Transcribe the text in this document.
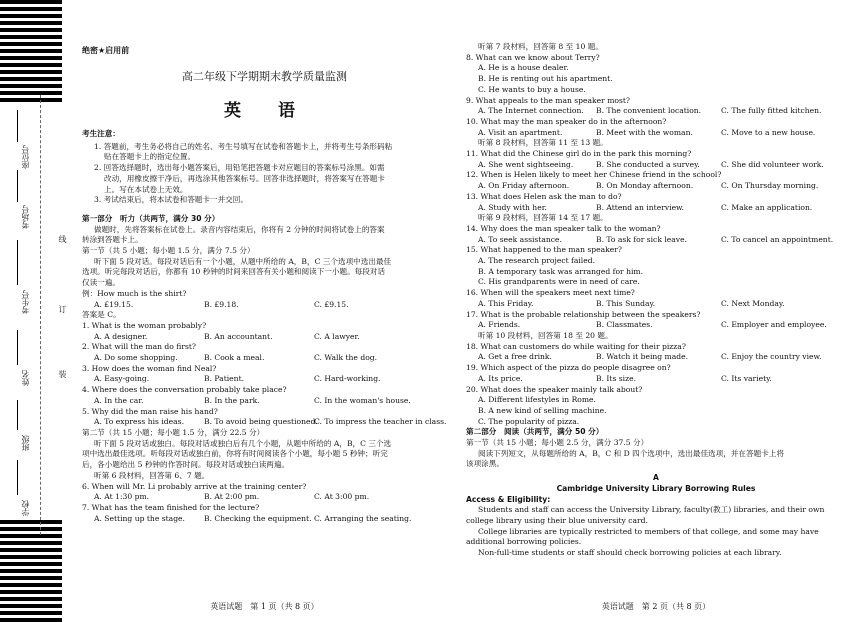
座位号
考场号
考生号
姓名
班级
学校
线
订
装
绝密★启用前
高二年级下学期期末教学质量监测
英　语
考生注意：
1. 答题前，考生务必将自己的姓名、考生号填写在试卷和答题卡上，并将考生号条形码粘
贴在答题卡上的指定位置。
2. 回答选择题时，选出每小题答案后，用铅笔把答题卡对应题目的答案标号涂黑。如需
改动，用橡皮擦干净后，再选涂其他答案标号。回答非选择题时，将答案写在答题卡
上。写在本试卷上无效。
3. 考试结束后，将本试卷和答题卡一并交回。
第一部分　听力（共两节，满分 30 分）
做题时，先将答案标在试卷上。录音内容结束后，你将有 2 分钟的时间将试卷上的答案
转涂到答题卡上。
第一节（共 5 小题；每小题 1.5 分，满分 7.5 分）
听下面 5 段对话。每段对话后有一个小题，从题中所给的 A，B，C 三个选项中选出最佳
选项。听完每段对话后，你都有 10 秒钟的时间来回答有关小题和阅读下一小题。每段对话
仅读一遍。
例：How much is the shirt?
A. £19.15.	B. £9.18.	C. £9.15.
答案是 C。
1. What is the woman probably?
A. A designer.	B. An accountant.	C. A lawyer.
2. What will the man do first?
A. Do some shopping.	B. Cook a meal.	C. Walk the dog.
3. How does the woman find Neal?
A. Easy-going.	B. Patient.	C. Hard-working.
4. Where does the conversation probably take place?
A. In the car.	B. In the park.	C. In the woman's house.
5. Why did the man raise his hand?
A. To express his ideas.	B. To avoid being questioned.
C. To impress the teacher in class.
第二节（共 15 小题；每小题 1.5 分，满分 22.5 分）
听下面 5 段对话或独白。每段对话或独白后有几个小题，从题中所给的 A，B，C 三个选
项中选出最佳选项。听每段对话或独白前，你将有时间阅读各个小题，每小题 5 秒钟；听完
后，各小题给出 5 秒钟的作答时间。每段对话或独白读两遍。
听第 6 段材料，回答第 6、7 题。
6. When will Mr. Li probably arrive at the training center?
A. At 1:30 pm.	B. At 2:00 pm.	C. At 3:00 pm.
7. What has the team finished for the lecture?
A. Setting up the stage.	B. Checking the equipment. C. Arranging the seating.
英语试题　第 1 页（共 8 页）
听第 7 段材料，回答第 8 至 10 题。
8. What can we know about Terry?
A. He is a house dealer.
B. He is renting out his apartment.
C. He wants to buy a house.
9. What appeals to the man speaker most?
A. The Internet connection.	B. The convenient location.	C. The fully fitted kitchen.
10. What may the man speaker do in the afternoon?
A. Visit an apartment.	B. Meet with the woman.	C. Move to a new house.
听第 8 段材料，回答第 11 至 13 题。
11. What did the Chinese girl do in the park this morning?
A. She went sightseeing.	B. She conducted a survey.	C. She did volunteer work.
12. When is Helen likely to meet her Chinese friend in the school?
A. On Friday afternoon.	B. On Monday afternoon.	C. On Thursday morning.
13. What does Helen ask the man to do?
A. Study with her.	B. Attend an interview.	C. Make an application.
听第 9 段材料，回答第 14 至 17 题。
14. Why does the man speaker talk to the woman?
A. To seek assistance.	B. To ask for sick leave.	C. To cancel an appointment.
15. What happened to the man speaker?
A. The research project failed.
B. A temporary task was arranged for him.
C. His grandparents were in need of care.
16. When will the speakers meet next time?
A. This Friday.	B. This Sunday.	C. Next Monday.
17. What is the probable relationship between the speakers?
A. Friends.	B. Classmates.	C. Employer and employee.
听第 10 段材料，回答第 18 至 20 题。
18. What can customers do while waiting for their pizza?
A. Get a free drink.	B. Watch it being made.	C. Enjoy the country view.
19. Which aspect of the pizza do people disagree on?
A. Its price.	B. Its size.	C. Its variety.
20. What does the speaker mainly talk about?
A. Different lifestyles in Rome.
B. A new kind of selling machine.
C. The popularity of pizza.
第二部分　阅读（共两节，满分 50 分）
第一节（共 15 小题；每小题 2.5 分，满分 37.5 分）
阅读下列短文，从每题所给的 A，B，C 和 D 四个选项中，选出最佳选项，并在答题卡上将
该项涂黑。
A
Cambridge University Library Borrowing Rules
Access & Eligibility:
Students and staff can access the University Library, faculty(教工) libraries, and their own
college library using their blue university card.
College libraries are typically restricted to members of that college, and some may have
additional borrowing policies.
Non-full-time students or staff should check borrowing policies at each library.
英语试题　第 2 页（共 8 页）
